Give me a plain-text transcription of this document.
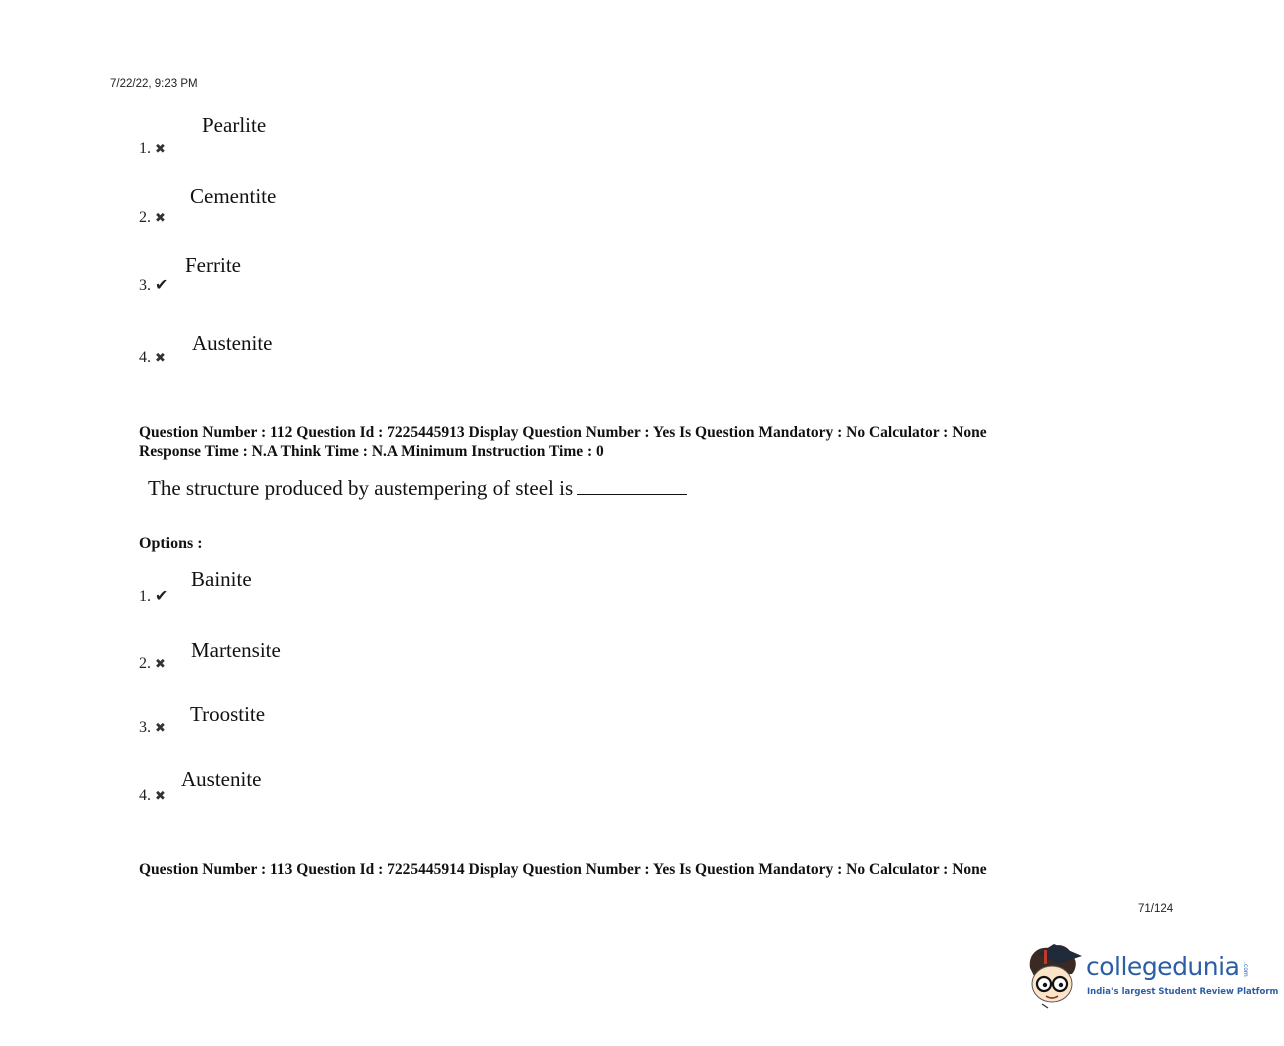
7/22/22, 9:23 PM
1. ✖
Pearlite
2. ✖
Cementite
3. ✔
Ferrite
4. ✖
Austenite
Question Number : 112 Question Id : 7225445913 Display Question Number : Yes Is Question Mandatory : No Calculator : None
Response Time : N.A Think Time : N.A Minimum Instruction Time : 0
The structure produced by austempering of steel is
Options :
1. ✔
Bainite
2. ✖
Martensite
3. ✖
Troostite
4. ✖
Austenite
Question Number : 113 Question Id : 7225445914 Display Question Number : Yes Is Question Mandatory : No Calculator : None
71/124
collegedunia .com
India's largest Student Review Platform
